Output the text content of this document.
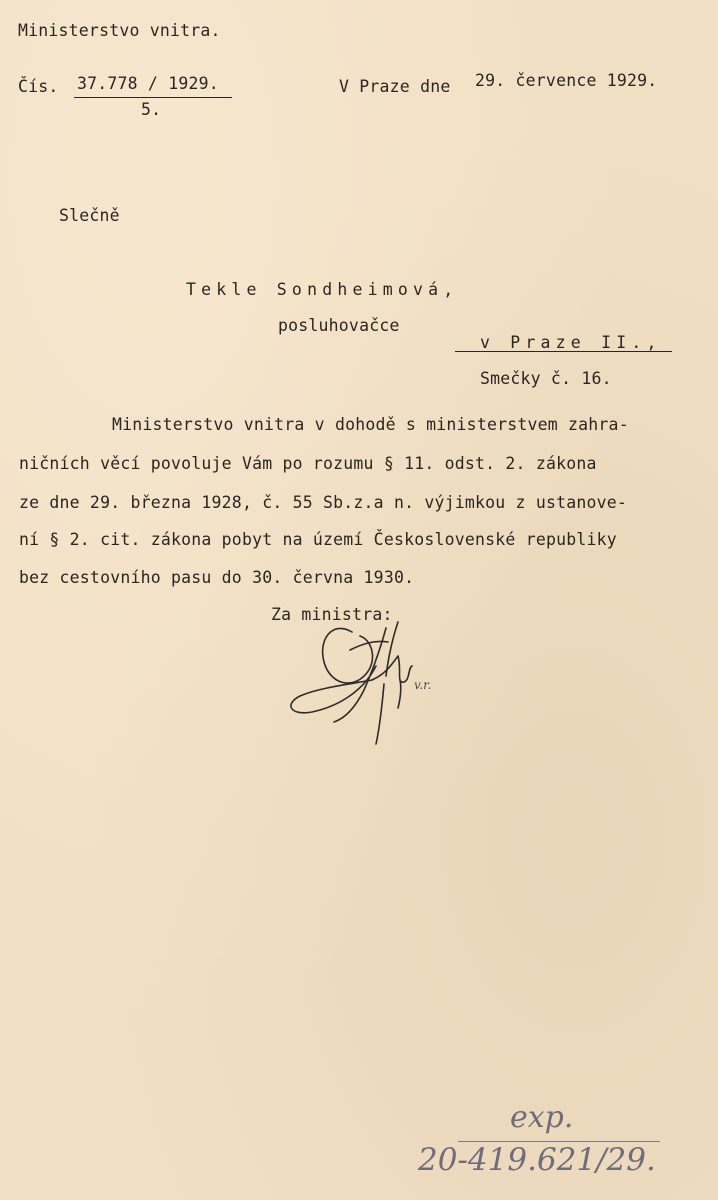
Ministerstvo vnitra.
Čís. 37.778 / 1929.
5.
V Praze dne 29. července 1929.
Slečně
Tekle Sondheimová,
posluhovačce
v Praze II.,
Smečky č. 16.
Ministerstvo vnitra v dohodě s ministerstvem zahra-
ničních věcí povoluje Vám po rozumu § 11. odst. 2. zákona
ze dne 29. března 1928, č. 55 Sb.z.a n. výjimkou z ustanove-
ní § 2. cit. zákona pobyt na území Československé republiky
bez cestovního pasu do 30. června 1930.
Za ministra:
v.r.
exp.
20-419.621/29.
